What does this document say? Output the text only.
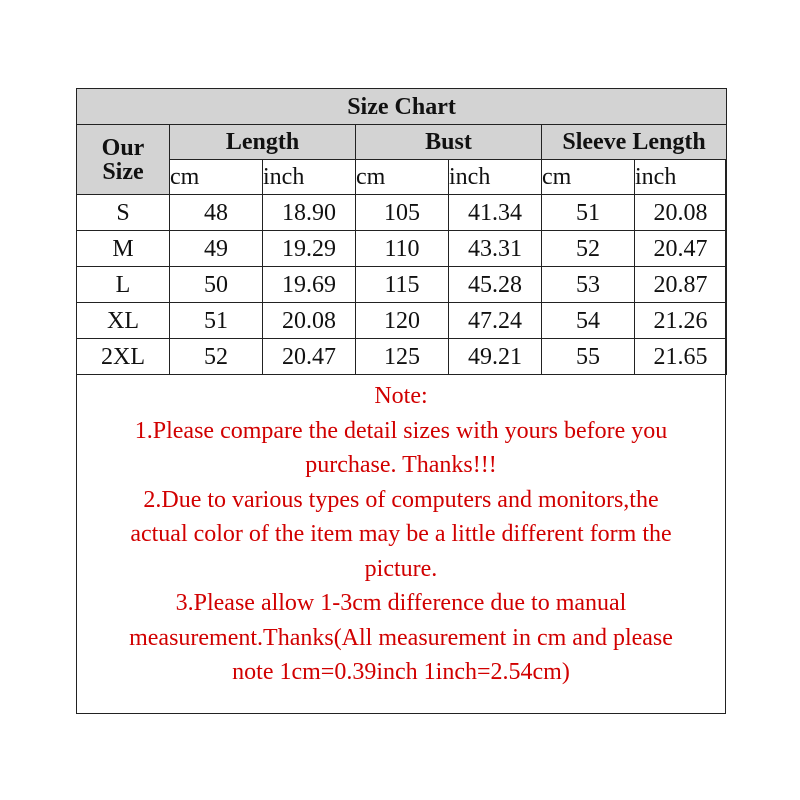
Size Chart						

Our
Size	Length		Bust		Sleeve Length	
	cm	inch	cm	inch	cm	inch
S	48	18.90	105	41.34	51	20.08
M	49	19.29	110	43.31	52	20.47
L	50	19.69	115	45.28	53	20.87
XL	51	20.08	120	47.24	54	21.26
2XL	52	20.47	125	49.21	55	21.65
Note:
1.Please compare the detail sizes with yours before you
purchase. Thanks!!!
2.Due to various types of computers and monitors,the
actual color of the item may be a little different form the
picture.
3.Please allow 1-3cm difference due to manual
measurement.Thanks(All measurement in cm and please
note 1cm=0.39inch 1inch=2.54cm)
